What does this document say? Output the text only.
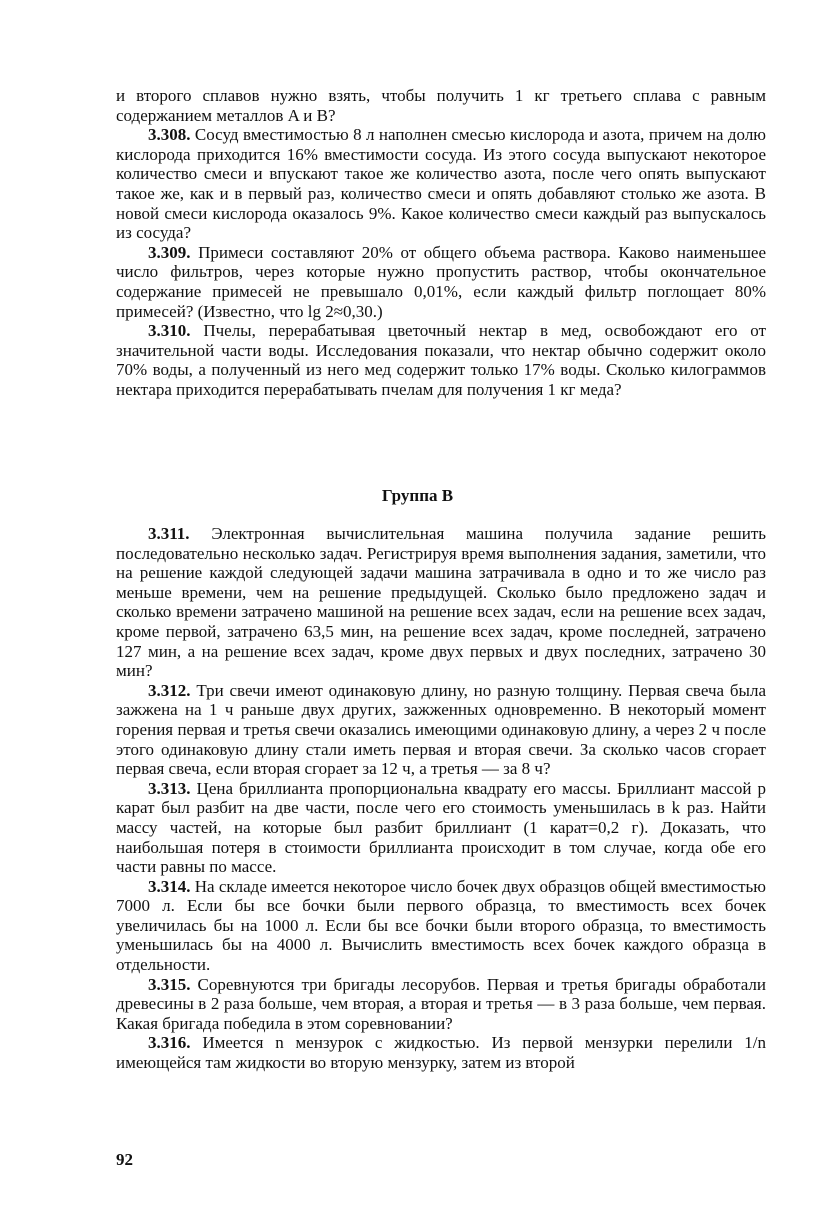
и второго сплавов нужно взять, чтобы получить 1 кг третьего сплава с равным содержанием металлов A и B?

3.308. Сосуд вместимостью 8 л наполнен смесью кислорода и азота, причем на долю кислорода приходится 16% вместимости сосуда. Из этого сосуда выпускают некоторое количество смеси и впускают такое же количество азота, после чего опять выпускают такое же, как и в первый раз, количество смеси и опять добавляют столько же азота. В новой смеси кислорода оказалось 9%. Какое количество смеси каждый раз выпускалось из сосуда?

3.309. Примеси составляют 20% от общего объема раствора. Каково наименьшее число фильтров, через которые нужно пропустить раствор, чтобы окончательное содержание примесей не превышало 0,01%, если каждый фильтр поглощает 80% примесей? (Известно, что lg 2≈0,30.)

3.310. Пчелы, перерабатывая цветочный нектар в мед, освобождают его от значительной части воды. Исследования показали, что нектар обычно содержит около 70% воды, а полученный из него мед содержит только 17% воды. Сколько килограммов нектара приходится перерабатывать пчелам для получения 1 кг меда?

3.311. Электронная вычислительная машина получила задание решить последовательно несколько задач. Регистрируя время выполнения задания, заметили, что на решение каждой следующей задачи машина затрачивала в одно и то же число раз меньше времени, чем на решение предыдущей. Сколько было предложено задач и сколько времени затрачено машиной на решение всех задач, если на решение всех задач, кроме первой, затрачено 63,5 мин, на решение всех задач, кроме последней, затрачено 127 мин, а на решение всех задач, кроме двух первых и двух последних, затрачено 30 мин?

3.312. Три свечи имеют одинаковую длину, но разную толщину. Первая свеча была зажжена на 1 ч раньше двух других, зажженных одновременно. В некоторый момент горения первая и третья свечи оказались имеющими одинаковую длину, а через 2 ч после этого одинаковую длину стали иметь первая и вторая свечи. За сколько часов сгорает первая свеча, если вторая сгорает за 12 ч, а третья — за 8 ч?

3.313. Цена бриллианта пропорциональна квадрату его массы. Бриллиант массой p карат был разбит на две части, после чего его стоимость уменьшилась в k раз. Найти массу частей, на которые был разбит бриллиант (1 карат=0,2 г). Доказать, что наибольшая потеря в стоимости бриллианта происходит в том случае, когда обе его части равны по массе.

3.314. На складе имеется некоторое число бочек двух образцов общей вместимостью 7000 л. Если бы все бочки были первого образца, то вместимость всех бочек увеличилась бы на 1000 л. Если бы все бочки были второго образца, то вместимость уменьшилась бы на 4000 л. Вычислить вместимость всех бочек каждого образца в отдельности.

3.315. Соревнуются три бригады лесорубов. Первая и третья бригады обработали древесины в 2 раза больше, чем вторая, а вторая и третья — в 3 раза больше, чем первая. Какая бригада победила в этом соревновании?

3.316. Имеется n мензурок с жидкостью. Из первой мензурки перелили 1/n имеющейся там жидкости во вторую мензурку, затем из второй

Группа В
92
